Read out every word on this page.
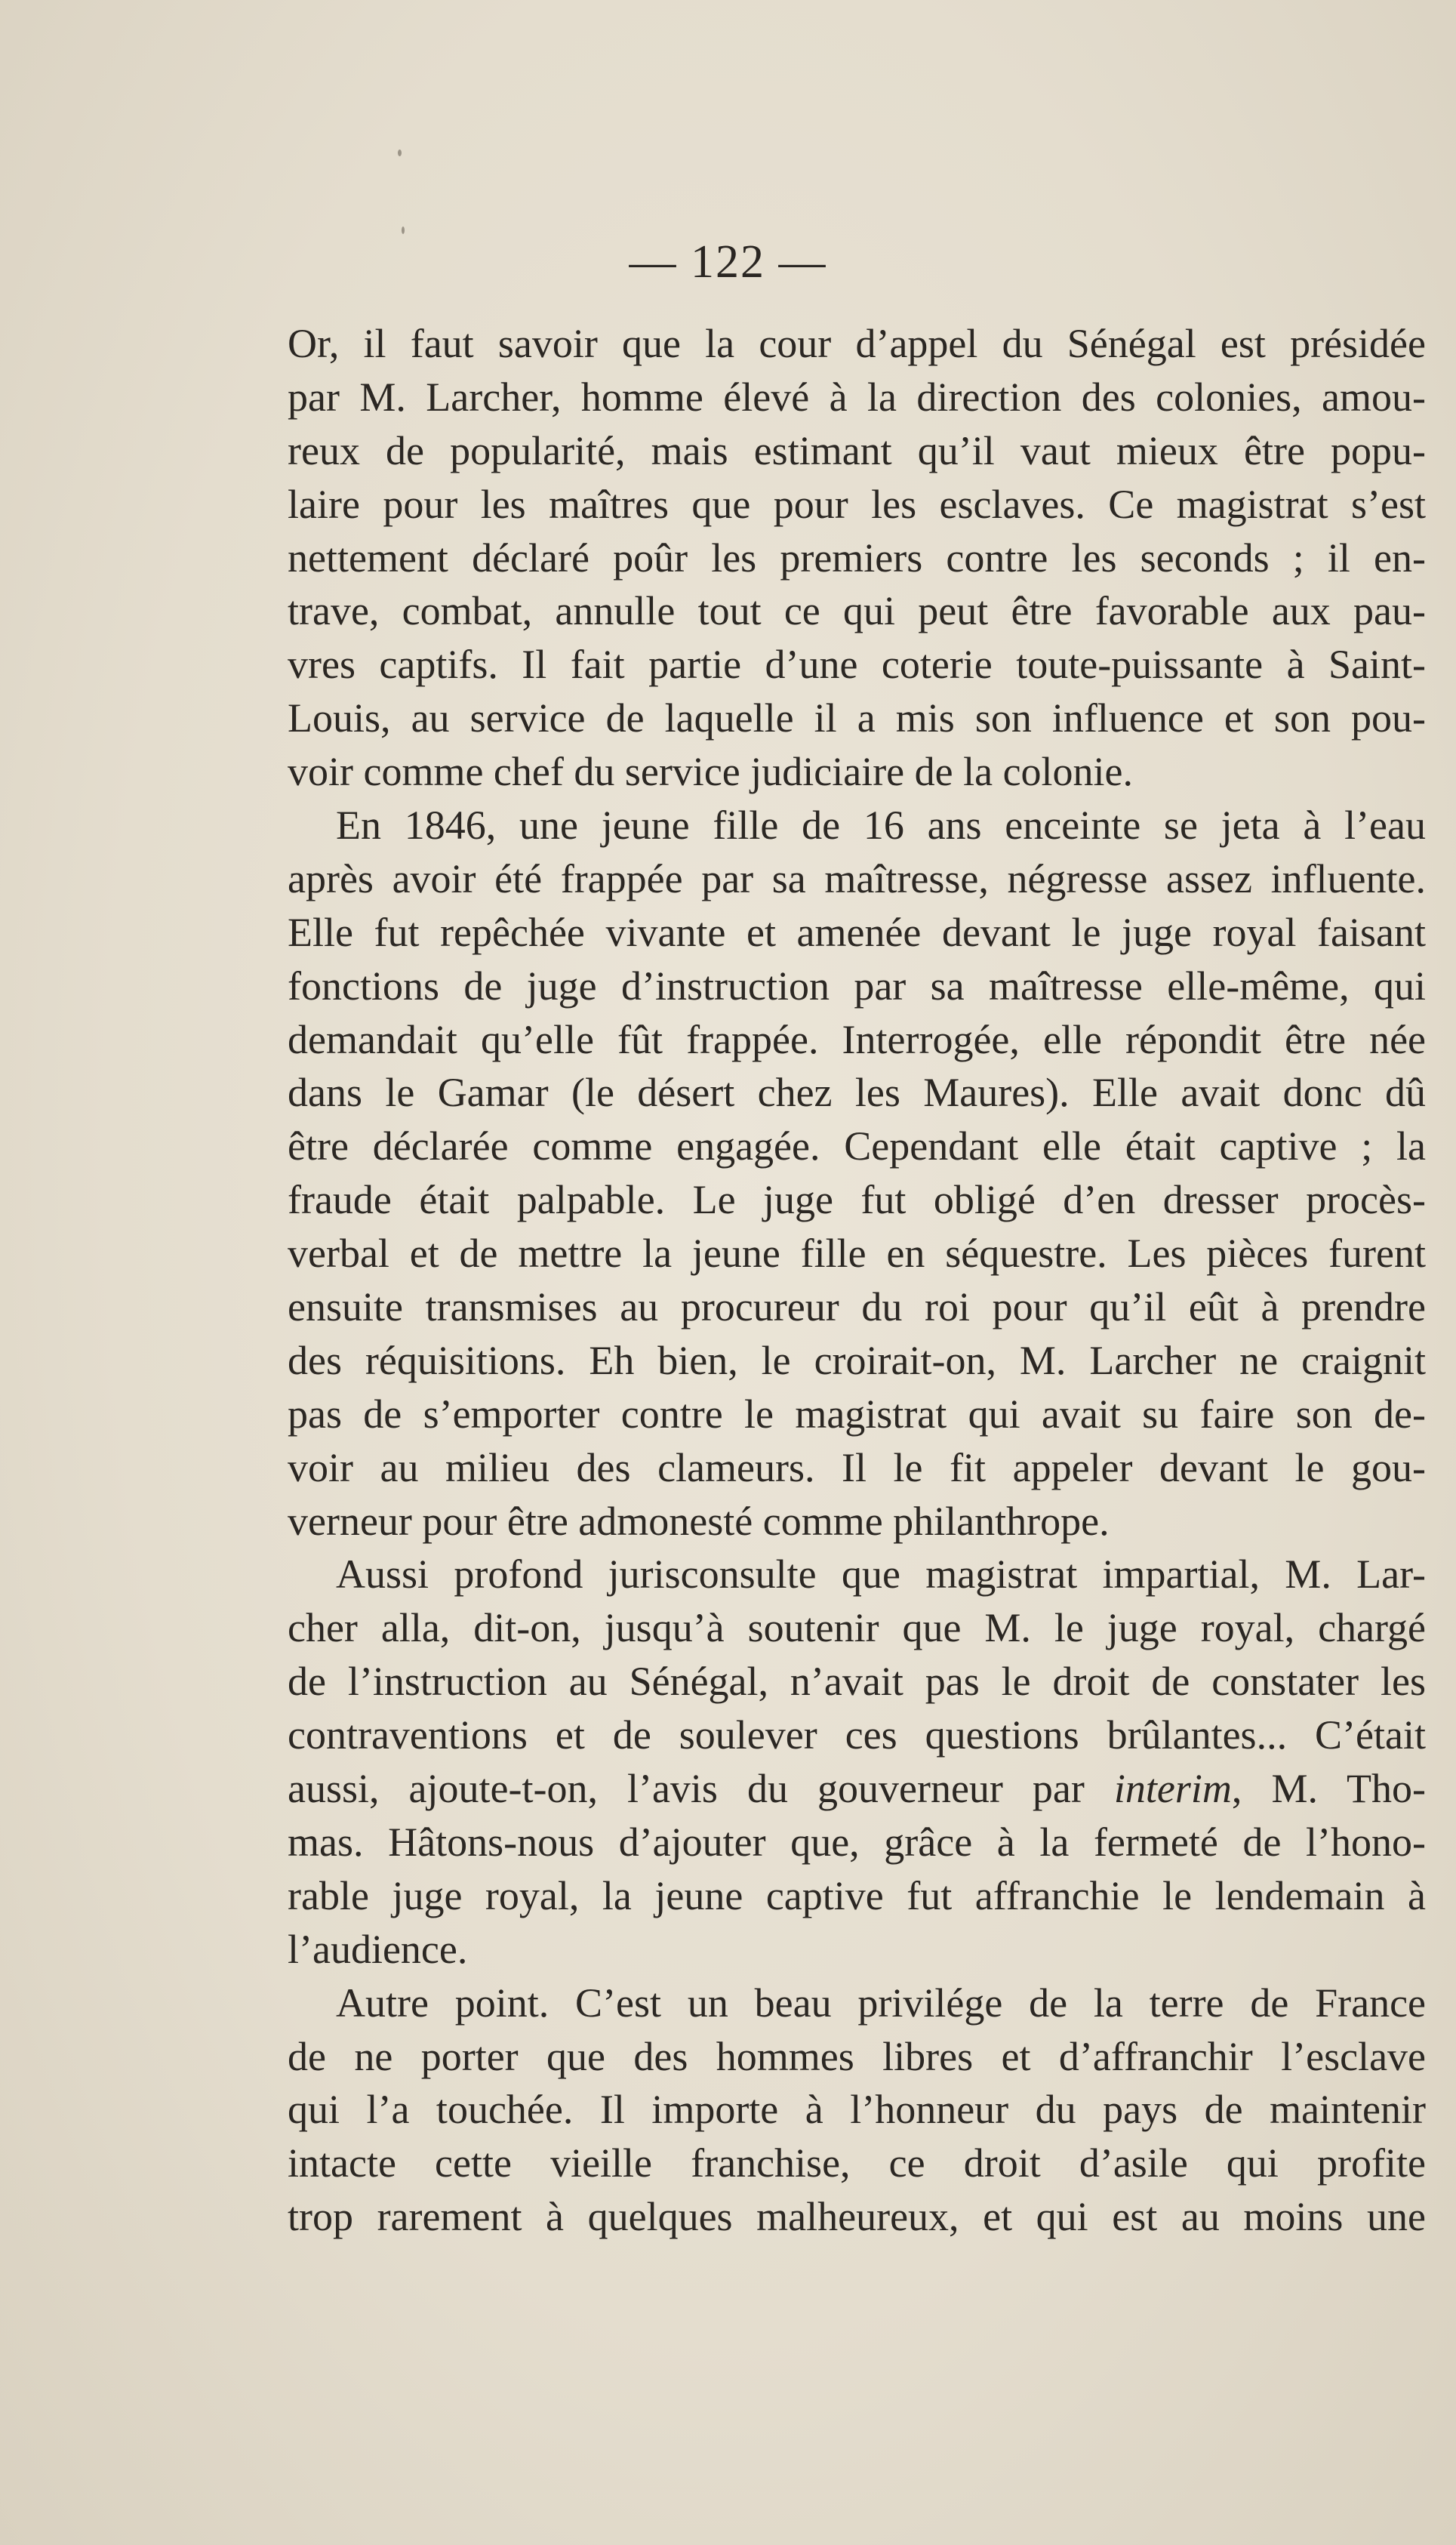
— 122 —
Or, il faut savoir que la cour d’appel du Sénégal est présidée
par M. Larcher, homme élevé à la direction des colonies, amou-
reux de popularité, mais estimant qu’il vaut mieux être popu-
laire pour les maîtres que pour les esclaves. Ce magistrat s’est
nettement déclaré poûr les premiers contre les seconds ; il en-
trave, combat, annulle tout ce qui peut être favorable aux pau-
vres captifs. Il fait partie d’une coterie toute-puissante à Saint-
Louis, au service de laquelle il a mis son influence et son pou-
voir comme chef du service judiciaire de la colonie.
En 1846, une jeune fille de 16 ans enceinte se jeta à l’eau
après avoir été frappée par sa maîtresse, négresse assez influente.
Elle fut repêchée vivante et amenée devant le juge royal faisant
fonctions de juge d’instruction par sa maîtresse elle-même, qui
demandait qu’elle fût frappée. Interrogée, elle répondit être née
dans le Gamar (le désert chez les Maures). Elle avait donc dû
être déclarée comme engagée. Cependant elle était captive ; la
fraude était palpable. Le juge fut obligé d’en dresser procès-
verbal et de mettre la jeune fille en séquestre. Les pièces furent
ensuite transmises au procureur du roi pour qu’il eût à prendre
des réquisitions. Eh bien, le croirait-on, M. Larcher ne craignit
pas de s’emporter contre le magistrat qui avait su faire son de-
voir au milieu des clameurs. Il le fit appeler devant le gou-
verneur pour être admonesté comme philanthrope.
Aussi profond jurisconsulte que magistrat impartial, M. Lar-
cher alla, dit-on, jusqu’à soutenir que M. le juge royal, chargé
de l’instruction au Sénégal, n’avait pas le droit de constater les
contraventions et de soulever ces questions brûlantes... C’était
aussi, ajoute-t-on, l’avis du gouverneur par interim, M. Tho-
mas. Hâtons-nous d’ajouter que, grâce à la fermeté de l’hono-
rable juge royal, la jeune captive fut affranchie le lendemain à
l’audience.
Autre point. C’est un beau privilége de la terre de France
de ne porter que des hommes libres et d’affranchir l’esclave
qui l’a touchée. Il importe à l’honneur du pays de maintenir
intacte cette vieille franchise, ce droit d’asile qui profite
trop rarement à quelques malheureux, et qui est au moins une
